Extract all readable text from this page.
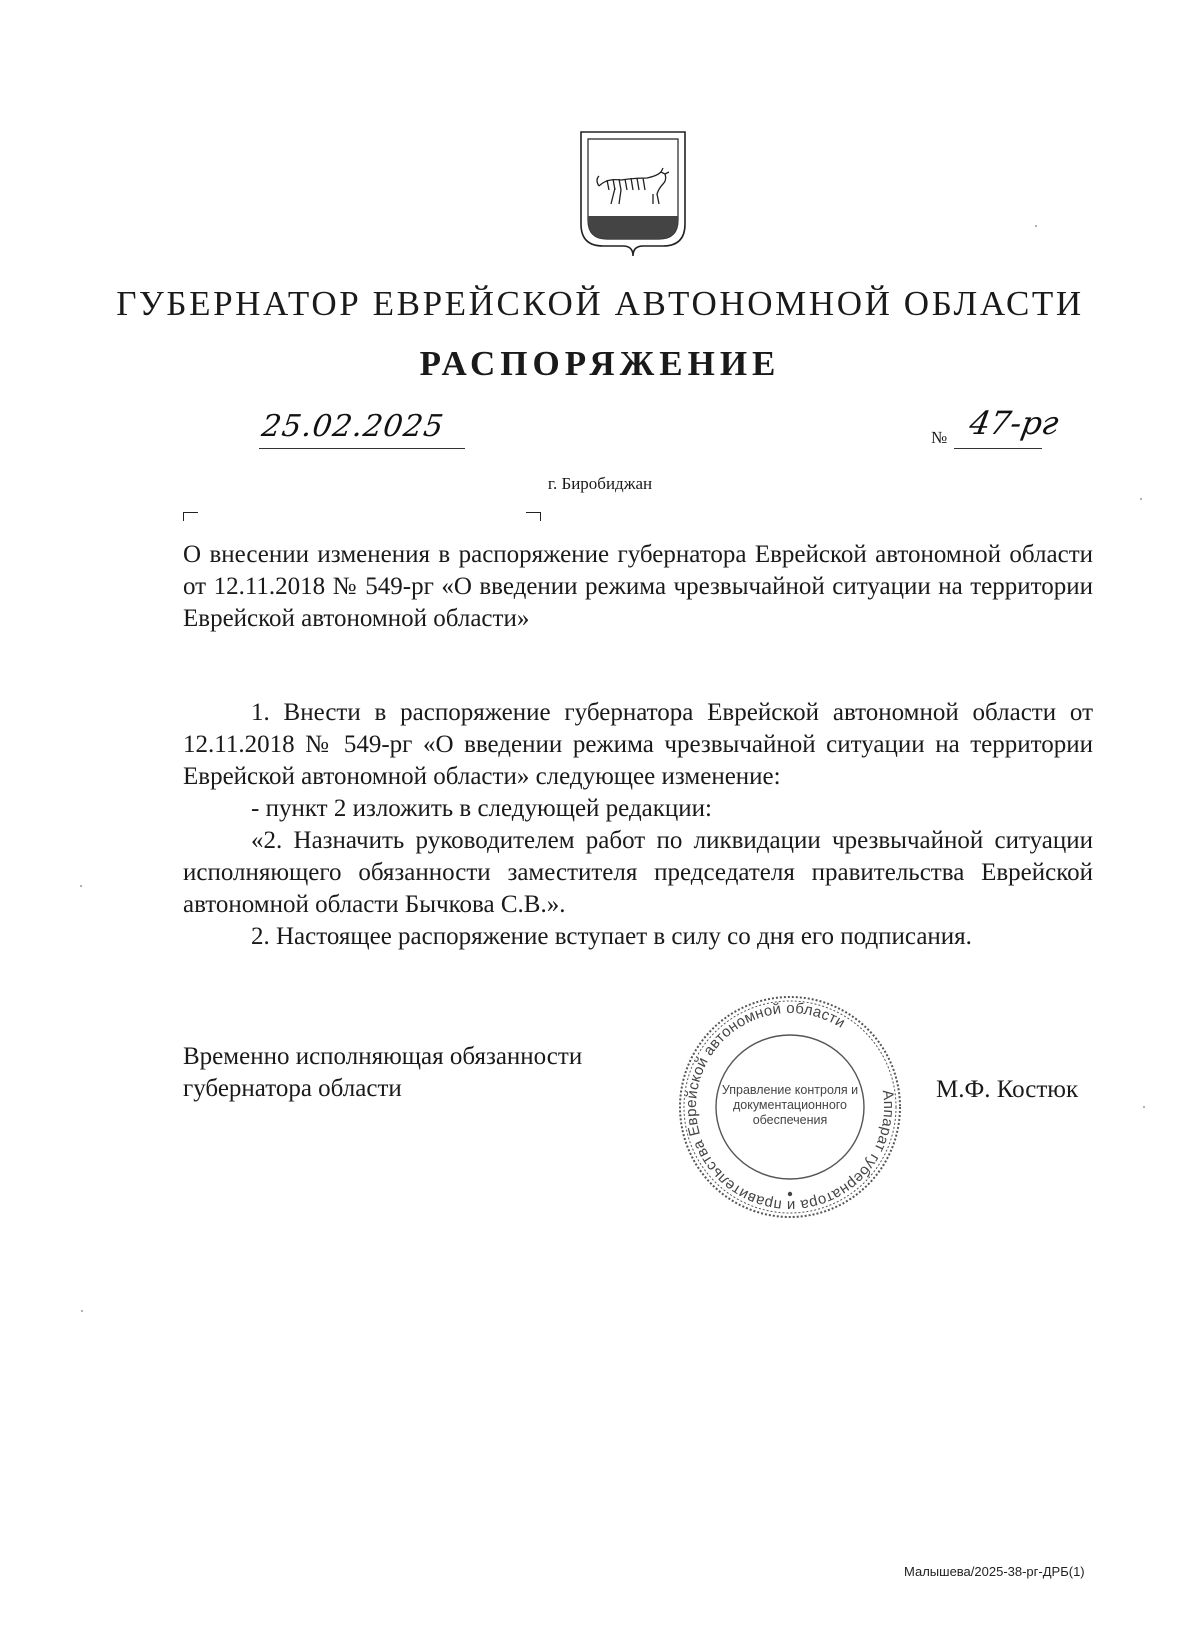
ГУБЕРНАТОР ЕВРЕЙСКОЙ АВТОНОМНОЙ ОБЛАСТИ
РАСПОРЯЖЕНИЕ
25.02.2025	№ 47-рг
г. Биробиджан
О внесении изменения в распоряжение губернатора Еврейской автономной области от 12.11.2018 № 549-рг «О введении режима чрезвычайной ситуации на территории Еврейской автономной области»

1. Внести в распоряжение губернатора Еврейской автономной области от 12.11.2018 № 549-рг «О введении режима чрезвычайной ситуации на территории Еврейской автономной области» следующее изменение:

- пункт 2 изложить в следующей редакции:

«2. Назначить руководителем работ по ликвидации чрезвычайной ситуации исполняющего обязанности заместителя председателя правительства Еврейской автономной области Бычкова С.В.».

2. Настоящее распоряжение вступает в силу со дня его подписания.

Временно исполняющая обязанности
губернатора области	Аппарат губернатора и правительства Еврейской автономной области
Управление контроля и
документационного
обеспечения
М.Ф. Костюк
Малышева/2025-38-рг-ДРБ(1)
